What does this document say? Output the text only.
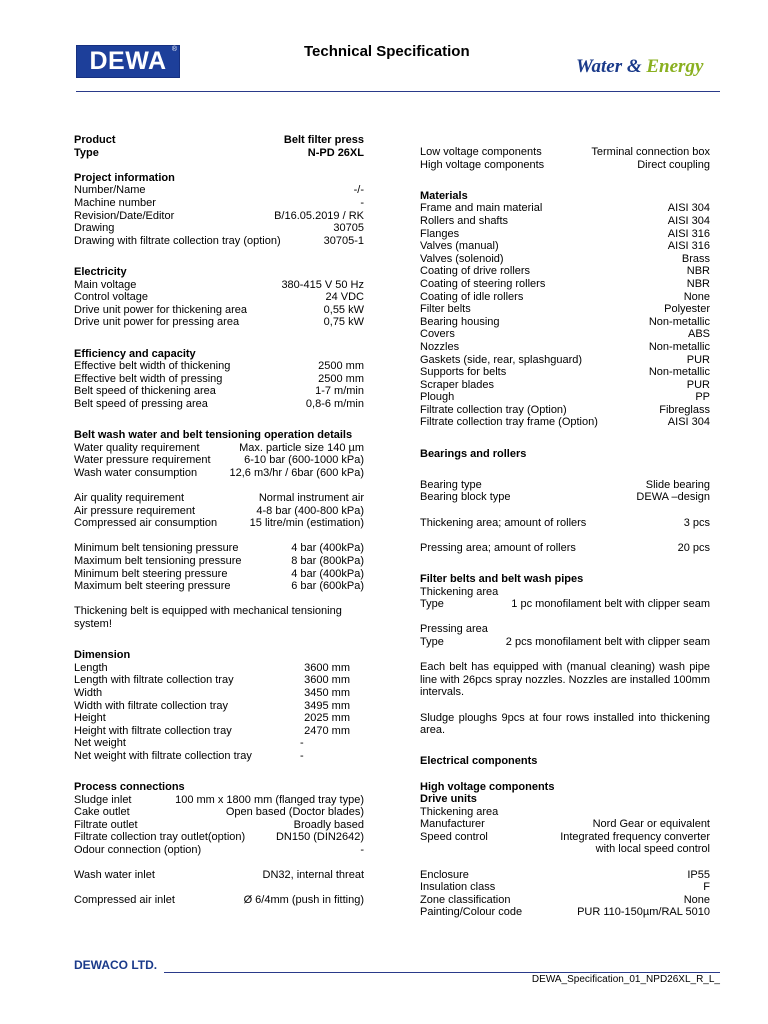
DEWA ®	Technical Specification
Water & Energy
Product	Belt filter press
Type	N-PD 26XL
Project information
Number/Name	-/-
Machine number	-
Revision/Date/Editor	B/16.05.2019 / RK
Drawing	30705
Drawing with filtrate collection tray (option)	30705-1
Electricity
Main voltage	380-415 V 50 Hz
Control voltage	24 VDC
Drive unit power for thickening area	0,55 kW
Drive unit power for pressing area	0,75 kW
Efficiency and capacity
Effective belt width of thickening	2500 mm
Effective belt width of pressing	2500 mm
Belt speed of thickening area	1-7 m/min
Belt speed of pressing area	0,8-6 m/min
Belt wash water and belt tensioning operation details
Water quality requirement	Max. particle size 140 µm
Water pressure requirement	6-10 bar (600-1000 kPa)
Wash water consumption	12,6 m3/hr / 6bar (600 kPa)
Air quality requirement	Normal instrument air
Air pressure requirement	4-8 bar (400-800 kPa)
Compressed air consumption	15 litre/min (estimation)
Minimum belt tensioning pressure	4 bar (400kPa)
Maximum belt tensioning pressure	8 bar (800kPa)
Minimum belt steering pressure	4 bar (400kPa)
Maximum belt steering pressure	6 bar (600kPa)
Thickening belt is equipped with mechanical tensioning system!
Dimension
Length	3600 mm
Length with filtrate collection tray	3600 mm
Width	3450 mm
Width with filtrate collection tray	3495 mm
Height	2025 mm
Height with filtrate collection tray	2470 mm
Net weight	-
Net weight with filtrate collection tray	-
Process connections
Sludge inlet	100 mm x 1800 mm (flanged tray type)
Cake outlet	Open based (Doctor blades)
Filtrate outlet	Broadly based
Filtrate collection tray outlet(option)	DN150 (DIN2642)
Odour connection (option)	-
Wash water inlet	DN32, internal threat
Compressed air inlet	Ø 6/4mm (push in fitting)
Low voltage components	Terminal connection box
High voltage components	Direct coupling
Materials
Frame and main material	AISI 304
Rollers and shafts	AISI 304
Flanges	AISI 316
Valves (manual)	AISI 316
Valves (solenoid)	Brass
Coating of drive rollers	NBR
Coating of steering rollers	NBR
Coating of idle rollers	None
Filter belts	Polyester
Bearing housing	Non-metallic
Covers	ABS
Nozzles	Non-metallic
Gaskets (side, rear, splashguard)	PUR
Supports for belts	Non-metallic
Scraper blades	PUR
Plough	PP
Filtrate collection tray (Option)	Fibreglass
Filtrate collection tray frame (Option)	AISI 304
Bearings and rollers
Bearing type	Slide bearing
Bearing block type	DEWA –design
Thickening area; amount of rollers	3 pcs
Pressing area; amount of rollers	20 pcs
Filter belts and belt wash pipes
Thickening area
Type	1 pc monofilament belt with clipper seam
Pressing area
Type	2 pcs monofilament belt with clipper seam
Each belt has equipped with (manual cleaning) wash pipe line with 26pcs spray nozzles. Nozzles are installed 100mm intervals.
Sludge ploughs 9pcs at four rows installed into thickening area.
Electrical components
High voltage components
Drive units
Thickening area
Manufacturer	Nord Gear or equivalent
Speed control	Integrated frequency converter
with local speed control
Enclosure	IP55
Insulation class	F
Zone classification	None
Painting/Colour code	PUR 110-150µm/RAL 5010
DEWACO LTD.
DEWA_Specification_01_NPD26XL_R_L_
